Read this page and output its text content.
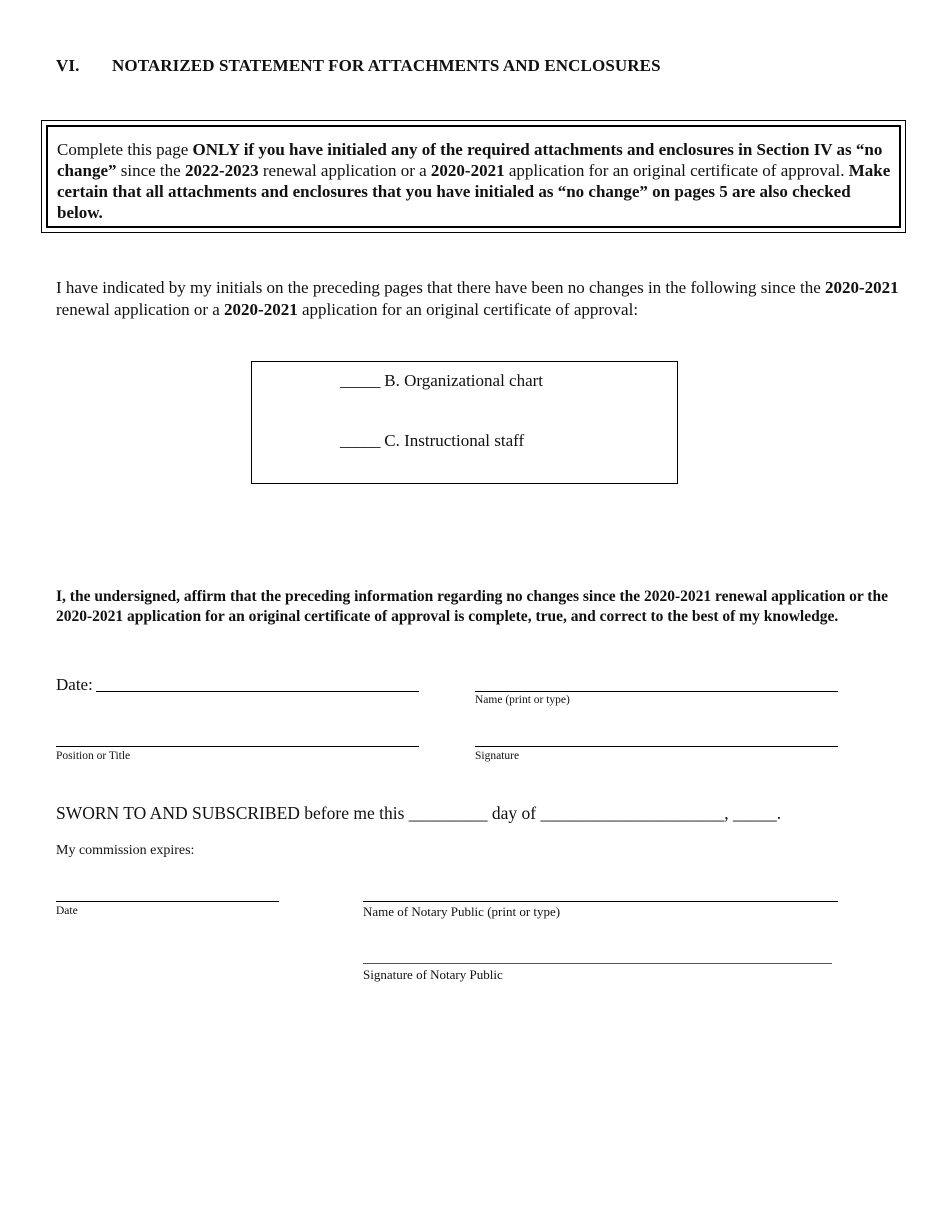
VI. NOTARIZED STATEMENT FOR ATTACHMENTS AND ENCLOSURES
Complete this page ONLY if you have initialed any of the required attachments and enclosures in Section IV as “no change” since the 2022-2023 renewal application or a 2020-2021 application for an original certificate of approval. Make certain that all attachments and enclosures that you have initialed as “no change” on pages 5 are also checked below.
I have indicated by my initials on the preceding pages that there have been no changes in the following since the 2020-2021 renewal application or a 2020-2021 application for an original certificate of approval:
_____ B. Organizational chart
_____ C. Instructional staff
I, the undersigned, affirm that the preceding information regarding no changes since the 2020-2021 renewal application or the 2020-2021 application for an original certificate of approval is complete, true, and correct to the best of my knowledge.
Date:
Name (print or type)
Position or Title	Signature
SWORN TO AND SUBSCRIBED before me this _________ day of _____________________, _____.
My commission expires:
Date	Name of Notary Public (print or type)
Signature of Notary Public
